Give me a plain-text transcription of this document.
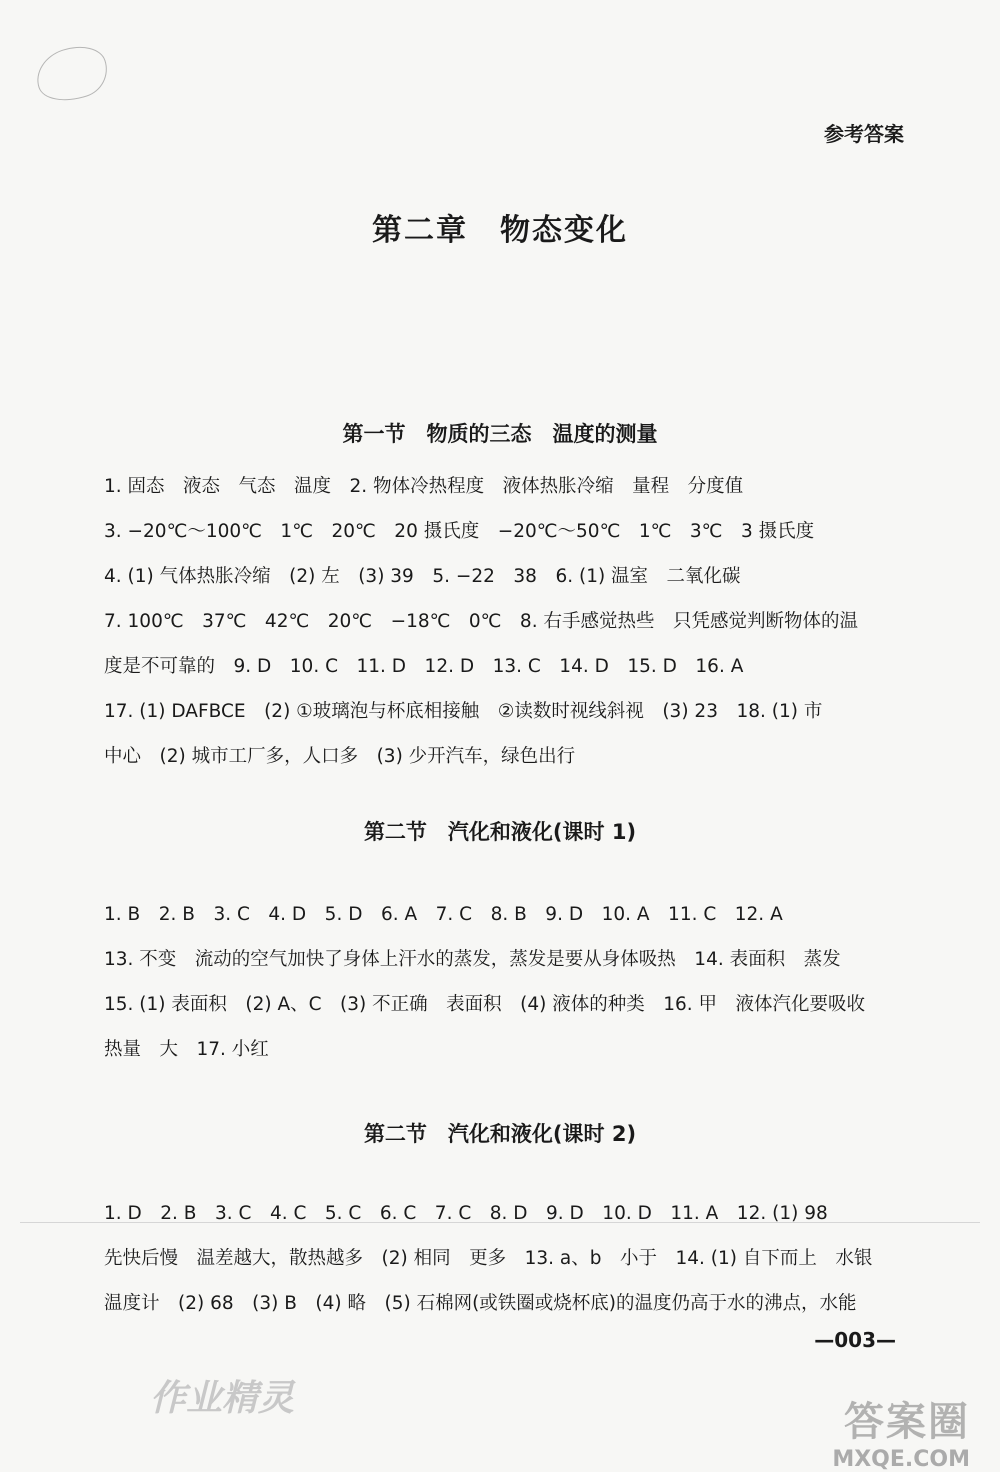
参考答案
第二章　物态变化
第一节　物质的三态　温度的测量

1. 固态　液态　气态　温度　2. 物体冷热程度　液体热胀冷缩　量程　分度值

3. −20℃～100℃　1℃　20℃　20 摄氏度　−20℃～50℃　1℃　3℃　3 摄氏度

4. (1) 气体热胀冷缩　(2) 左　(3) 39　5. −22　38　6. (1) 温室　二氧化碳

7. 100℃　37℃　42℃　20℃　−18℃　0℃　8. 右手感觉热些　只凭感觉判断物体的温

度是不可靠的　9. D　10. C　11. D　12. D　13. C　14. D　15. D　16. A

17. (1) DAFBCE　(2) ①玻璃泡与杯底相接触　②读数时视线斜视　(3) 23　18. (1) 市

中心　(2) 城市工厂多，人口多　(3) 少开汽车，绿色出行

第二节　汽化和液化(课时 1)

1. B　2. B　3. C　4. D　5. D　6. A　7. C　8. B　9. D　10. A　11. C　12. A

13. 不变　流动的空气加快了身体上汗水的蒸发，蒸发是要从身体吸热　14. 表面积　蒸发

15. (1) 表面积　(2) A、C　(3) 不正确　表面积　(4) 液体的种类　16. 甲　液体汽化要吸收

热量　大　17. 小红

第二节　汽化和液化(课时 2)

1. D　2. B　3. C　4. C　5. C　6. C　7. C　8. D　9. D　10. D　11. A　12. (1) 98

先快后慢　温差越大，散热越多　(2) 相同　更多　13. a、b　小于　14. (1) 自下而上　水银

温度计　(2) 68　(3) B　(4) 略　(5) 石棉网(或铁圈或烧杯底)的温度仍高于水的沸点，水能

—003—
作业精灵
答案圈
MXQE.COM
